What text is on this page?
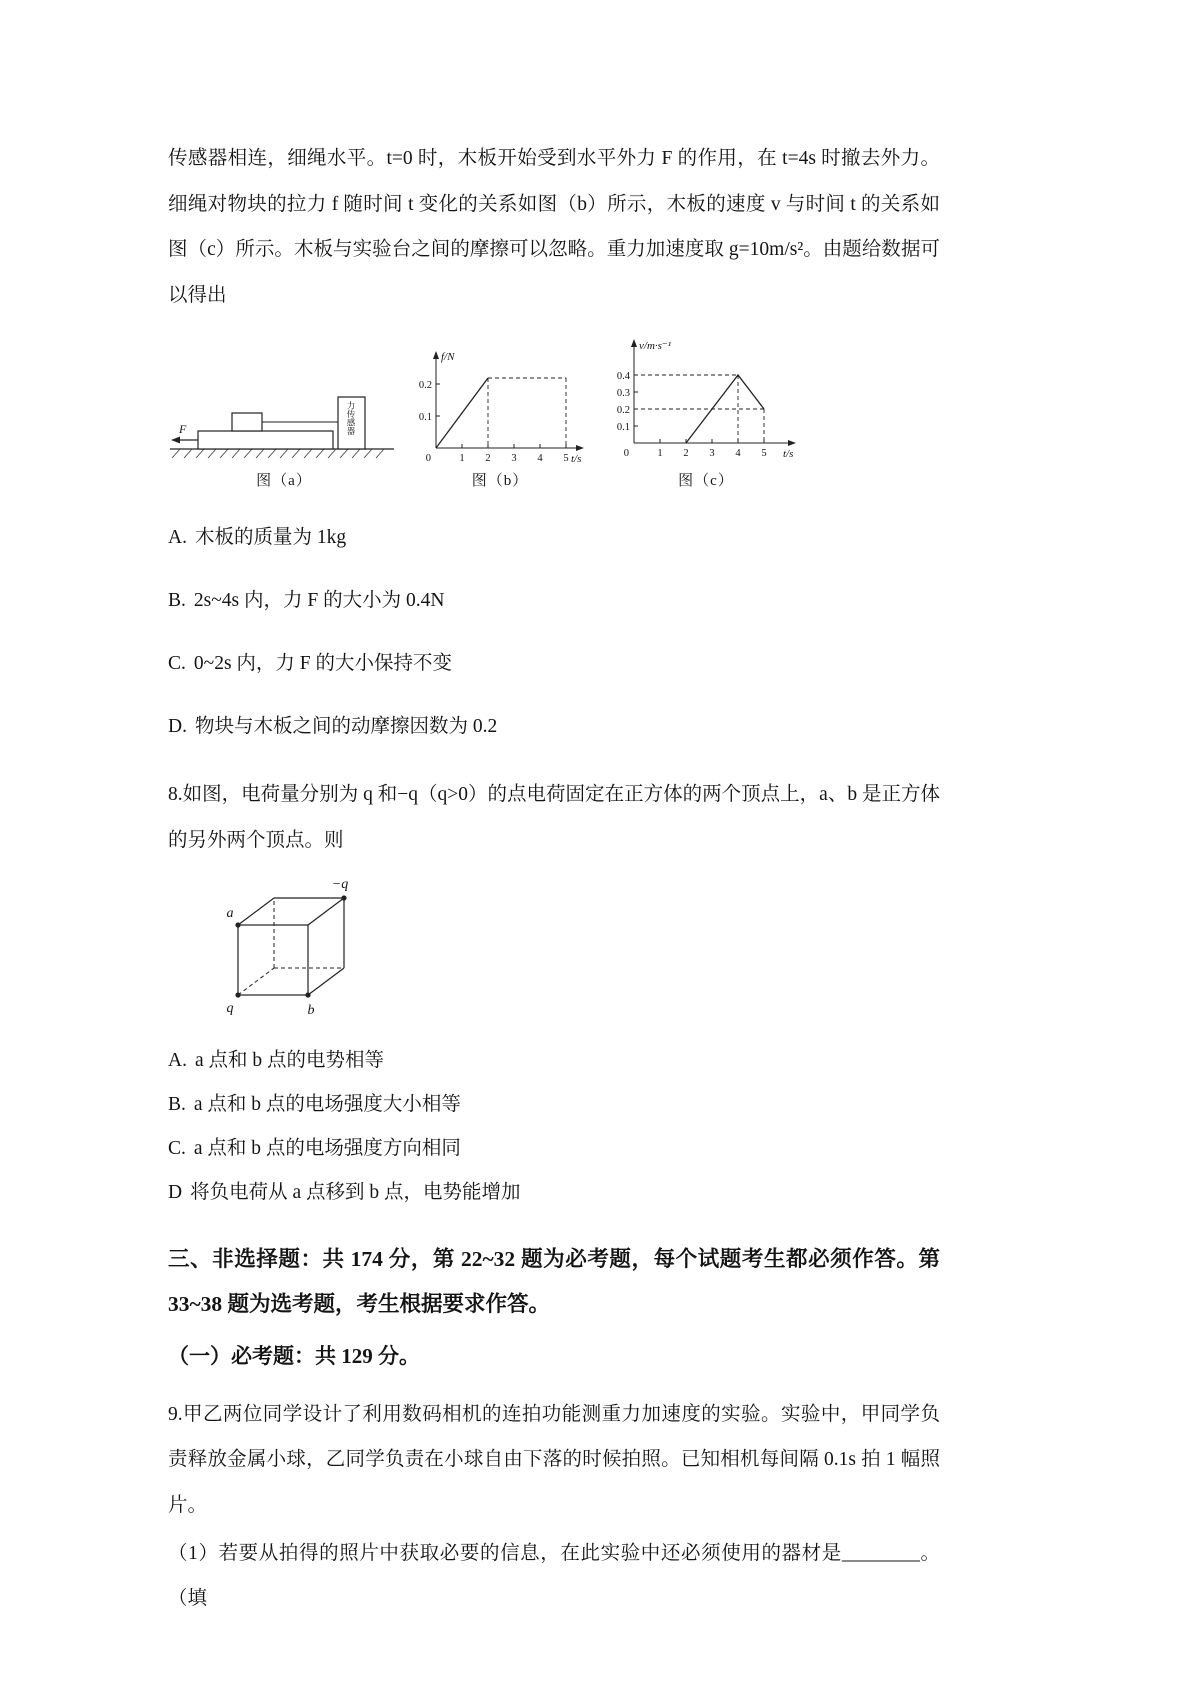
传感器相连，细绳水平。t=0 时，木板开始受到水平外力 F 的作用，在 t=4s 时撤去外力。细绳对物块的拉力 f 随时间 t 变化的关系如图（b）所示，木板的速度 v 与时间 t 的关系如图（c）所示。木板与实验台之间的摩擦可以忽略。重力加速度取 g=10m/s²。由题给数据可以得出

力传感器
F
图（a）
f/N
t/s
0.2
0.1
0	1 2 3 4 5
图（b）
v/m·s⁻¹
t/s
0.4
0.3
0.2
0.1
0	1 2 3 4 5
图（c）

A. 木板的质量为 1kg

B. 2s~4s 内，力 F 的大小为 0.4N

C. 0~2s 内，力 F 的大小保持不变

D. 物块与木板之间的动摩擦因数为 0.2

8.如图，电荷量分别为 q 和−q（q>0）的点电荷固定在正方体的两个顶点上，a、b 是正方体的另外两个顶点。则

a
−q
q	b

A. a 点和 b 点的电势相等

B. a 点和 b 点的电场强度大小相等

C. a 点和 b 点的电场强度方向相同

D 将负电荷从 a 点移到 b 点，电势能增加

三、非选择题：共 174 分，第 22~32 题为必考题，每个试题考生都必须作答。第 33~38 题为选考题，考生根据要求作答。

（一）必考题：共 129 分。

9.甲乙两位同学设计了利用数码相机的连拍功能测重力加速度的实验。实验中，甲同学负责释放金属小球，乙同学负责在小球自由下落的时候拍照。已知相机每间隔 0.1s 拍 1 幅照片。

（1）若要从拍得的照片中获取必要的信息，在此实验中还必须使用的器材是________。（填
